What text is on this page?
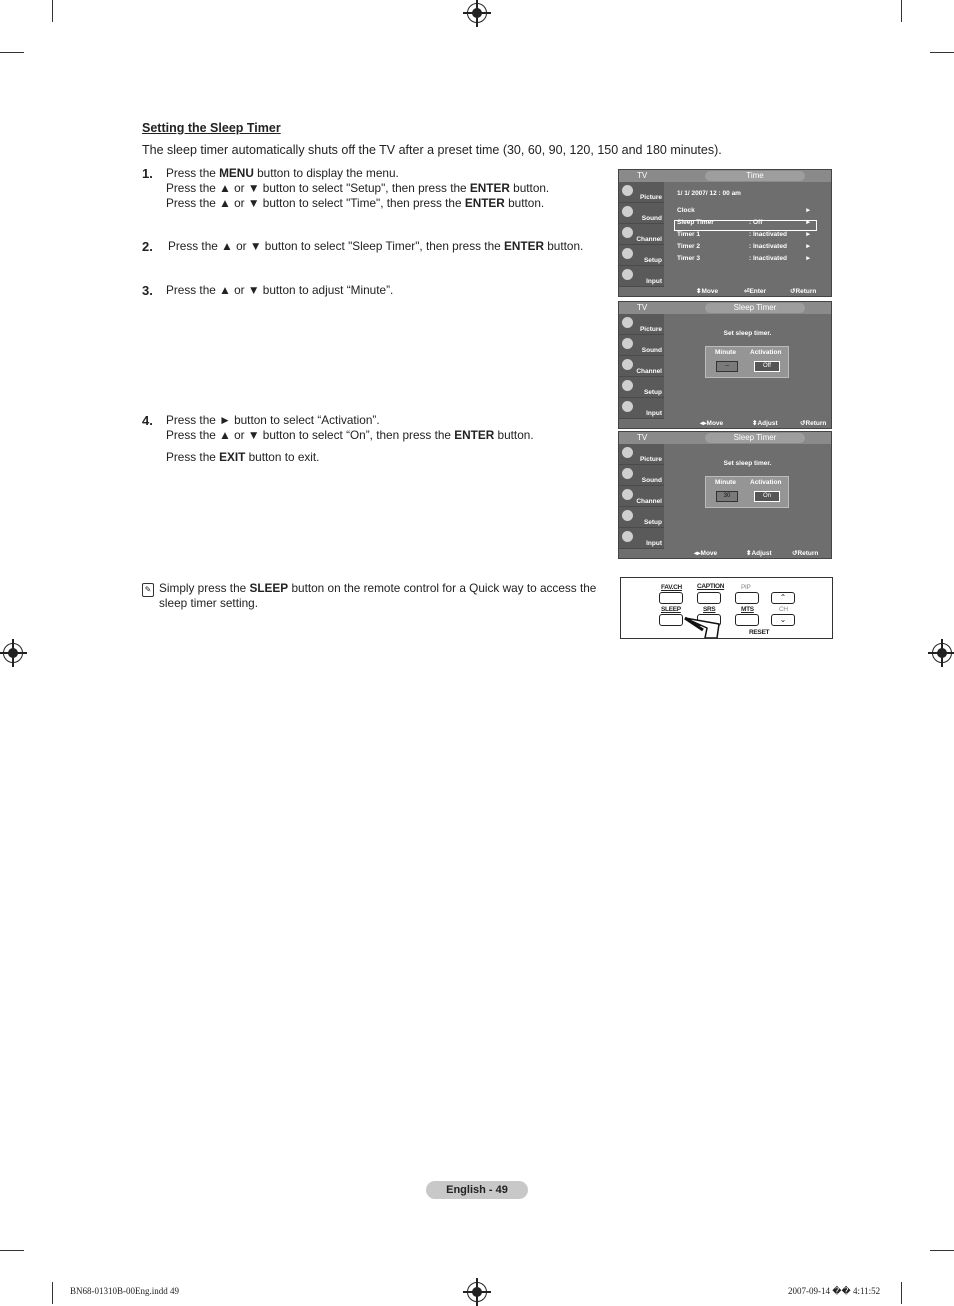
Setting the Sleep Timer
The sleep timer automatically shuts off the TV after a preset time (30, 60, 90, 120, 150 and 180 minutes).
1. Press the MENU button to display the menu.
Press the ▲ or ▼ button to select "Setup", then press the ENTER button.
Press the ▲ or ▼ button to select "Time", then press the ENTER button.
2. Press the ▲ or ▼ button to select "Sleep Timer", then press the ENTER button.
3. Press the ▲ or ▼ button to adjust “Minute”.
4. Press the ► button to select “Activation”.
Press the ▲ or ▼ button to select “On”, then press the ENTER button.
Press the EXIT button to exit.
✎ Simply press the SLEEP button on the remote control for a Quick way to access the sleep timer setting.
TV	Time
Picture
Sound
Channel
Setup
Input
1/ 1/ 2007/ 12 : 00 am
Clock	►
Sleep Timer	: Off	►
Timer 1	: Inactivated	►
Timer 2	: Inactivated	►
Timer 3	: Inactivated	►
⬍ Move	⏎ Enter	↺ Return
TV	Sleep Timer
Picture
Sound
Channel
Setup
Input
Set sleep timer.
Minute Activation
--	Off
◂▸ Move	⬍ Adjust	↺ Return
TV	Sleep Timer
Picture
Sound
Channel
Setup
Input
Set sleep timer.
Minute Activation
30	On
◂▸ Move	⬍ Adjust	↺ Return
FAV.CH CAPTION	PIP
⌃
SLEEP	SRS	MTS	CH
⌄
RESET
English - 49
BN68-01310B-00Eng.indd 49	2007-09-14 �� 4:11:52
